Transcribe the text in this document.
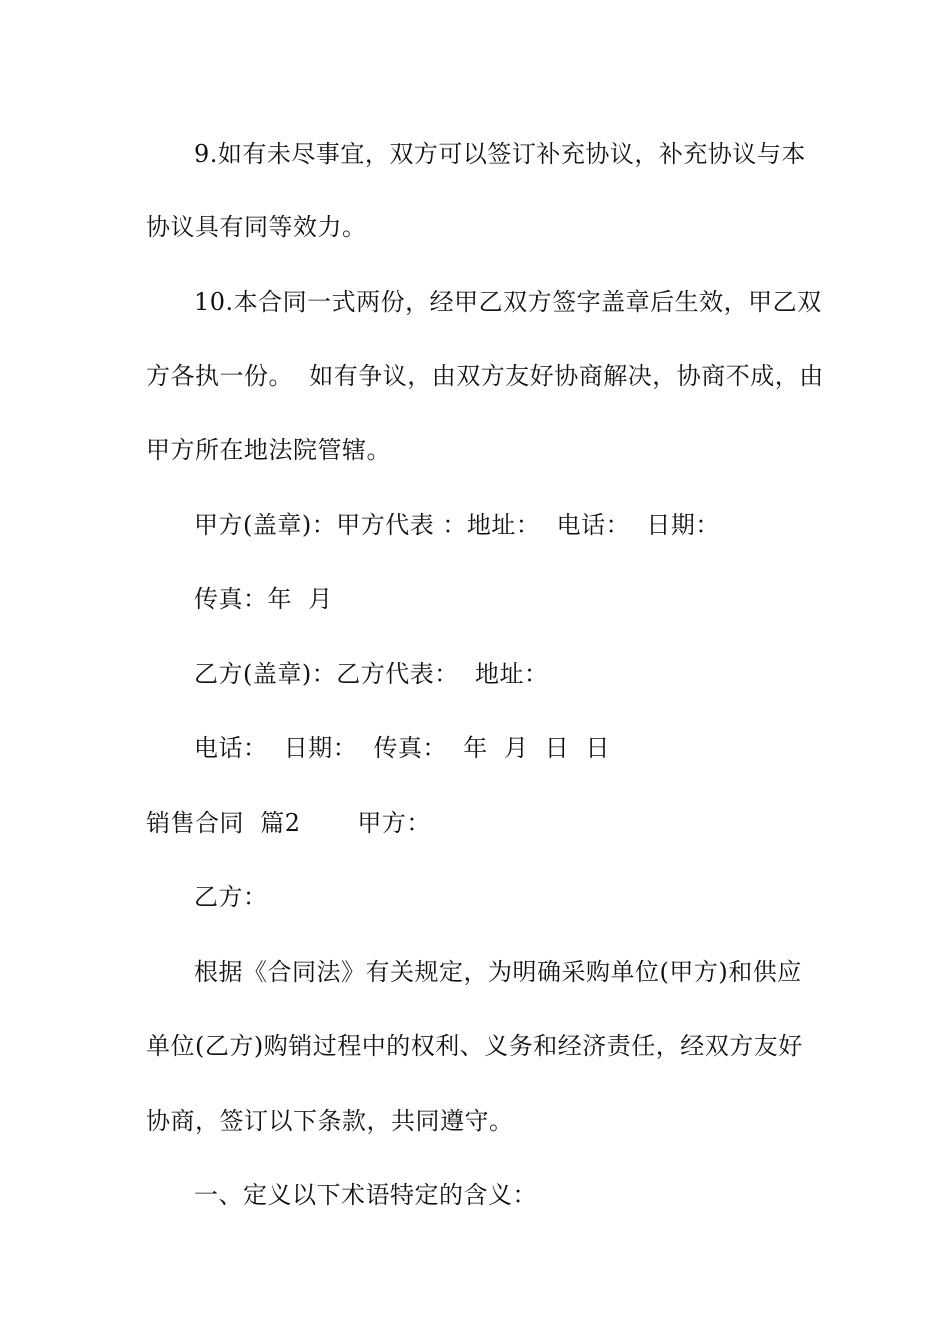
9.如有未尽事宜，双方可以签订补充协议，补充协议与本
协议具有同等效力。
10.本合同一式两份，经甲乙双方签字盖章后生效，甲乙双
方各执一份。  如有争议，由双方友好协商解决，协商不成，由
甲方所在地法院管辖。
甲方(盖章)：甲方代表 ：地址：  电话：  日期：
传真：年  月
乙方(盖章)：乙方代表：  地址：
电话：  日期：  传真：  年  月  日  日
销售合同  篇2       甲方：
乙方：
根据《合同法》有关规定，为明确采购单位(甲方)和供应
单位(乙方)购销过程中的权利、义务和经济责任，经双方友好
协商，签订以下条款，共同遵守。
一、定义以下术语特定的含义：
